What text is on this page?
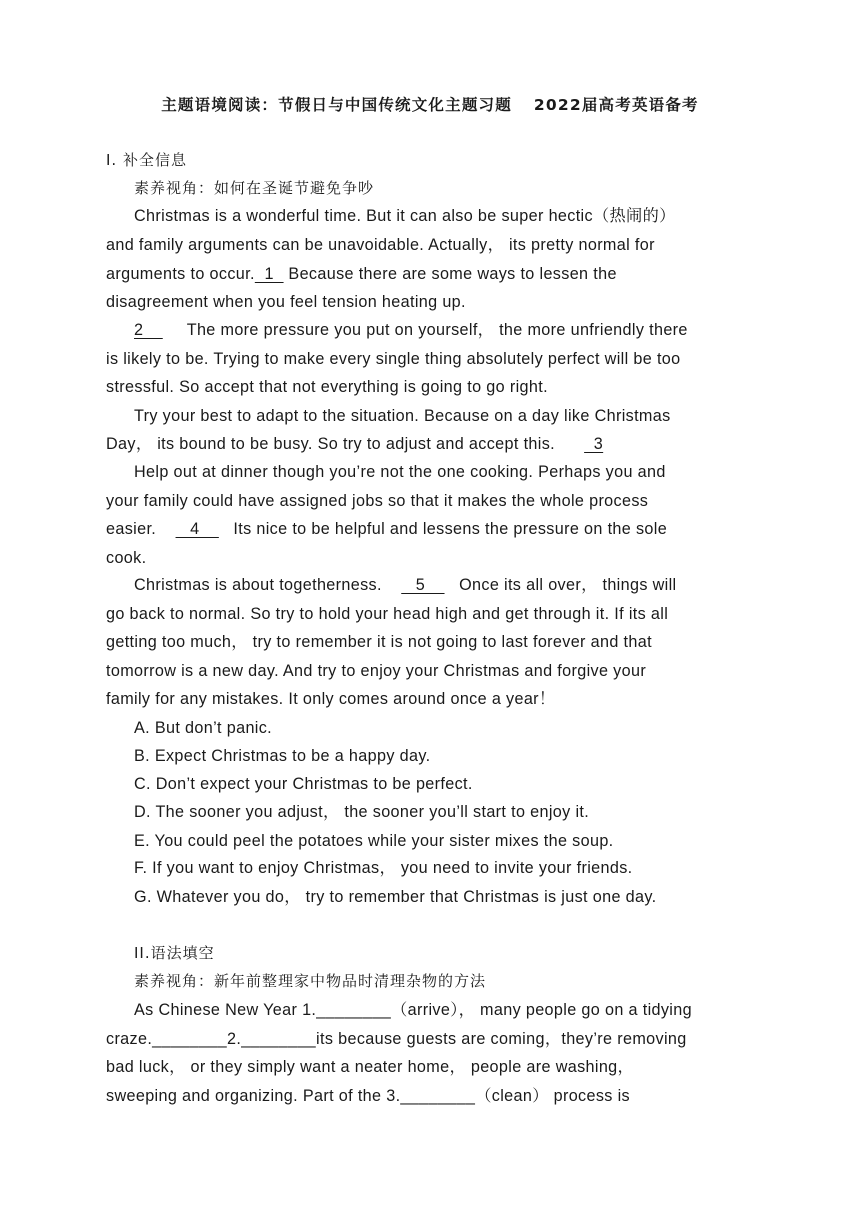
主题语境阅读：节假日与中国传统文化主题习题 2022届高考英语备考
I. 补全信息
素养视角：如何在圣诞节避免争吵
Christmas is a wonderful time. But it can also be super hectic（热闹的）
and family arguments can be unavoidable. Actually， its pretty normal for
arguments to occur.  1   Because there are some ways to lessen the
disagreement when you feel tension heating up.
2         The more pressure you put on yourself， the more unfriendly there
is likely to be. Trying to make every single thing absolutely perfect will be too
stressful. So accept that not everything is going to go right.
Try your best to adapt to the situation. Because on a day like Christmas
Day， its bound to be busy. So try to adjust and accept this.        3
Help out at dinner though you’re not the one cooking. Perhaps you and
your family could have assigned jobs so that it makes the whole process
easier.       4       Its nice to be helpful and lessens the pressure on the sole
cook.
Christmas is about togetherness.       5       Once its all over， things will
go back to normal. So try to hold your head high and get through it. If its all
getting too much， try to remember it is not going to last forever and that
tomorrow is a new day. And try to enjoy your Christmas and forgive your
family for any mistakes. It only comes around once a year！
A. But don’t panic.
B. Expect Christmas to be a happy day.
C. Don’t expect your Christmas to be perfect.
D. The sooner you adjust， the sooner you’ll start to enjoy it.
E. You could peel the potatoes while your sister mixes the soup.
F. If you want to enjoy Christmas， you need to invite your friends.
G. Whatever you do， try to remember that Christmas is just one day.
II.语法填空
素养视角：新年前整理家中物品时清理杂物的方法
As Chinese New Year 1.________（arrive）， many people go on a tidying
craze.________2.________its because guests are coming，they’re removing
bad luck， or they simply want a neater home， people are washing，
sweeping and organizing. Part of the 3.________（clean） process is
